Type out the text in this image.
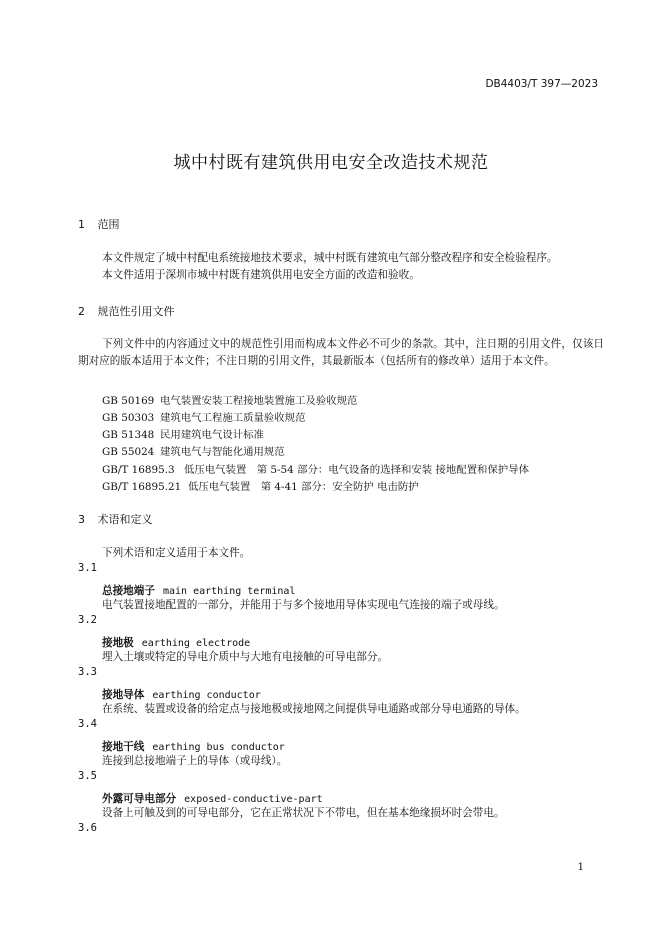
DB4403/T 397—2023
城中村既有建筑供用电安全改造技术规范
1 范围
本文件规定了城中村配电系统接地技术要求，城中村既有建筑电气部分整改程序和安全检验程序。
本文件适用于深圳市城中村既有建筑供用电安全方面的改造和验收。
2 规范性引用文件
下列文件中的内容通过文中的规范性引用而构成本文件必不可少的条款。其中，注日期的引用文件，仅该日期对应的版本适用于本文件；不注日期的引用文件，其最新版本（包括所有的修改单）适用于本文件。
GB 50169 电气装置安装工程接地装置施工及验收规范
GB 50303 建筑电气工程施工质量验收规范
GB 51348 民用建筑电气设计标准
GB 55024 建筑电气与智能化通用规范
GB/T 16895.3 低压电气装置　第 5-54 部分：电气设备的选择和安装 接地配置和保护导体
GB/T 16895.21 低压电气装置　第 4-41 部分：安全防护 电击防护
3 术语和定义
下列术语和定义适用于本文件。
3.1
总接地端子 main earthing terminal
电气装置接地配置的一部分，并能用于与多个接地用导体实现电气连接的端子或母线。
3.2
接地极 earthing electrode
埋入土壤或特定的导电介质中与大地有电接触的可导电部分。
3.3
接地导体 earthing conductor
在系统、装置或设备的给定点与接地极或接地网之间提供导电通路或部分导电通路的导体。
3.4
接地干线 earthing bus conductor
连接到总接地端子上的导体（或母线）。
3.5
外露可导电部分 exposed-conductive-part
设备上可触及到的可导电部分，它在正常状况下不带电，但在基本绝缘损坏时会带电。
3.6
1
